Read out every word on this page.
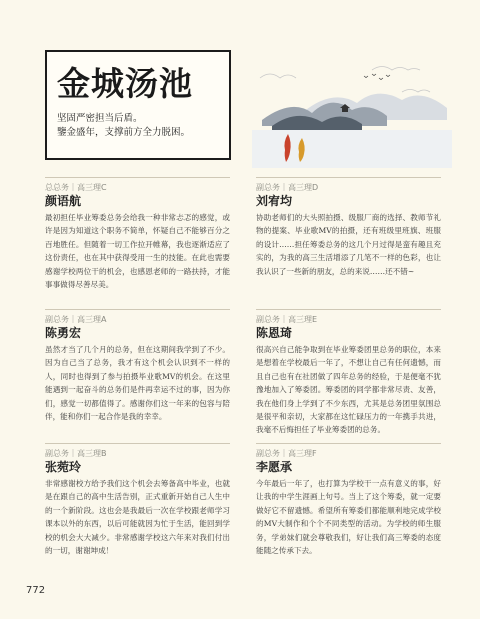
金城汤池
坚固严密担当后盾。
鑒金盛年，支撑前方全力脱困。
总总务｜高三理C
颜语航
最初担任毕业筹委总务会给我一种非常忐忑的感觉，或许是因为知道这个职务不简单，怀疑自己不能够百分之百地胜任。但随着一切工作拉开帷幕，我也逐渐适应了这份责任，也在其中获得受用一生的技能。在此也需要感谢学校两位干的机会，也感恩老师的一路扶持，才能事事做得尽善尽美。
副总务｜高三理D
刘宥均
协助老师们的大头照拍摄、级服厂商的选择、教师节礼物的提案、毕业歌MV的拍摄，还有班级里班旗、班服的设计……担任筹委总务的这几个月过得是蛮有趣且充实的，为我的高三生活增添了几笔不一样的色彩，也让我认识了一些新的朋友，总的来说……还不错~
副总务｜高三理A
陈勇宏
虽然才当了几个月的总务，但在这期间我学到了不少。因为自己当了总务，我才有这个机会认识到不一样的人，同时也得到了参与拍摄毕业歌MV的机会。在这里能遇到一起奋斗的总务们是件再幸运不过的事，因为你们，感觉一切都值得了。感谢你们这一年来的包容与陪伴，能和你们一起合作是我的幸幸。
副总务｜高三理E
陈恩琦
很高兴自己能争取到在毕业筹委团里总务的职位，本来是想着在学校最后一年了，不想让自己有任何遗憾，而且自己也有在社团做了四年总务的经验，于是便毫不犹豫地加入了筹委团。筹委团的同学都非常尽责、友善，我在他们身上学到了不少东西，尤其是总务团里氛围总是很平和亲切，大家都在这忙碌压力的一年携手共进，我毫不后悔担任了毕业筹委团的总务。
副总务｜高三理B
张菀玲
非常感谢校方给予我们这个机会去筹备高中毕业，也就是在跟自己的高中生活告别，正式重新开始自己人生中的一个新阶段。这也会是我最后一次在学校跟老师学习课本以外的东西，以后可能就因为忙于生活，能回到学校的机会大大减少。非常感谢学校这六年来对我们付出的一切，谢谢坤成！
副总务｜高三理F
李愿承
今年最后一年了，也打算为学校干一点有意义的事，好让我的中学生涯画上句号。当上了这个筹委，就一定要做好它不留遗憾。希望所有筹委们都能顺利地完成学校的MV大制作和个个不同类型的活动。为学校的师生服务，学弟妹们就会尊敬我们，好让我们高三筹委的态度能随之传承下去。
772
